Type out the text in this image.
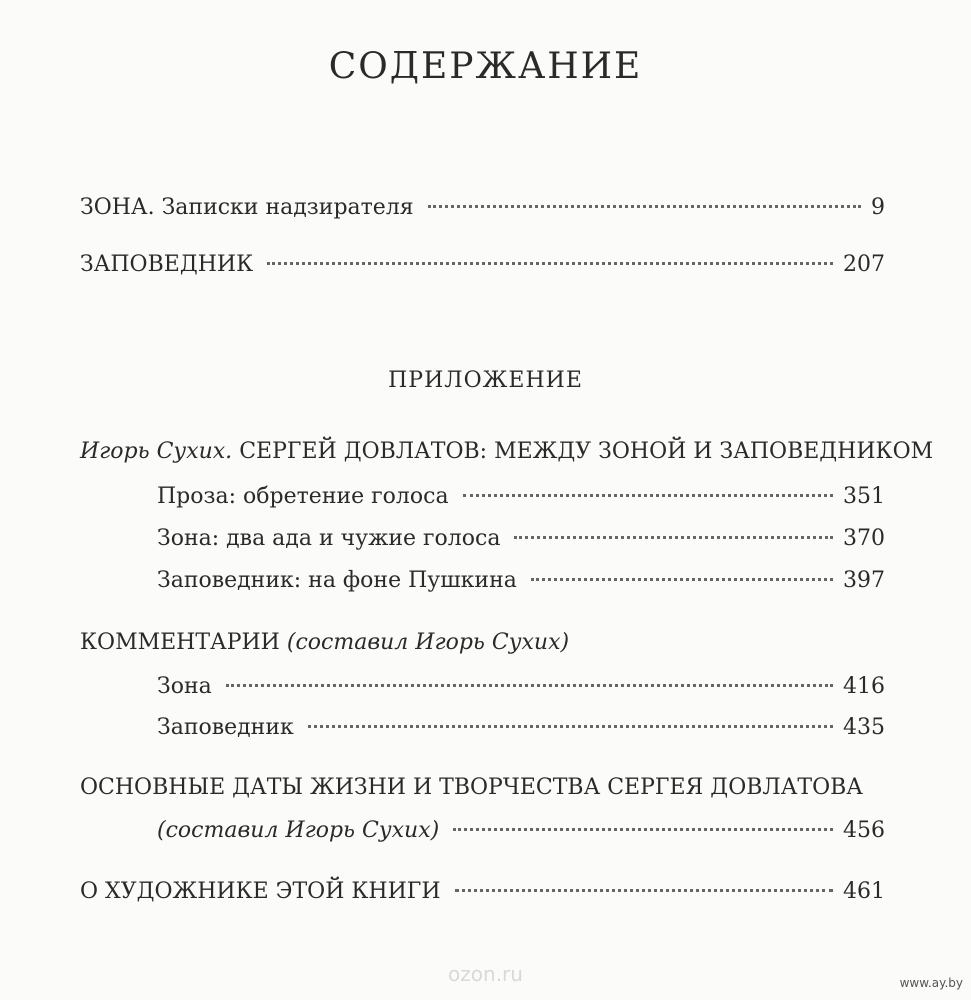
СОДЕРЖАНИЕ
ЗОНА. Записки надзирателя	9
ЗАПОВЕДНИК	207
ПРИЛОЖЕНИЕ
Игорь Сухих. СЕРГЕЙ ДОВЛАТОВ: МЕЖДУ ЗОНОЙ И ЗАПОВЕДНИКОМ
Проза: обретение голоса	351
Зона: два ада и чужие голоса	370
Заповедник: на фоне Пушкина	397
КОММЕНТАРИИ (составил Игорь Сухих)
Зона	416
Заповедник	435
ОСНОВНЫЕ ДАТЫ ЖИЗНИ И ТВОРЧЕСТВА СЕРГЕЯ ДОВЛАТОВА
(составил Игорь Сухих)	456
О ХУДОЖНИКЕ ЭТОЙ КНИГИ	461
ozon.ru	www.ay.by
